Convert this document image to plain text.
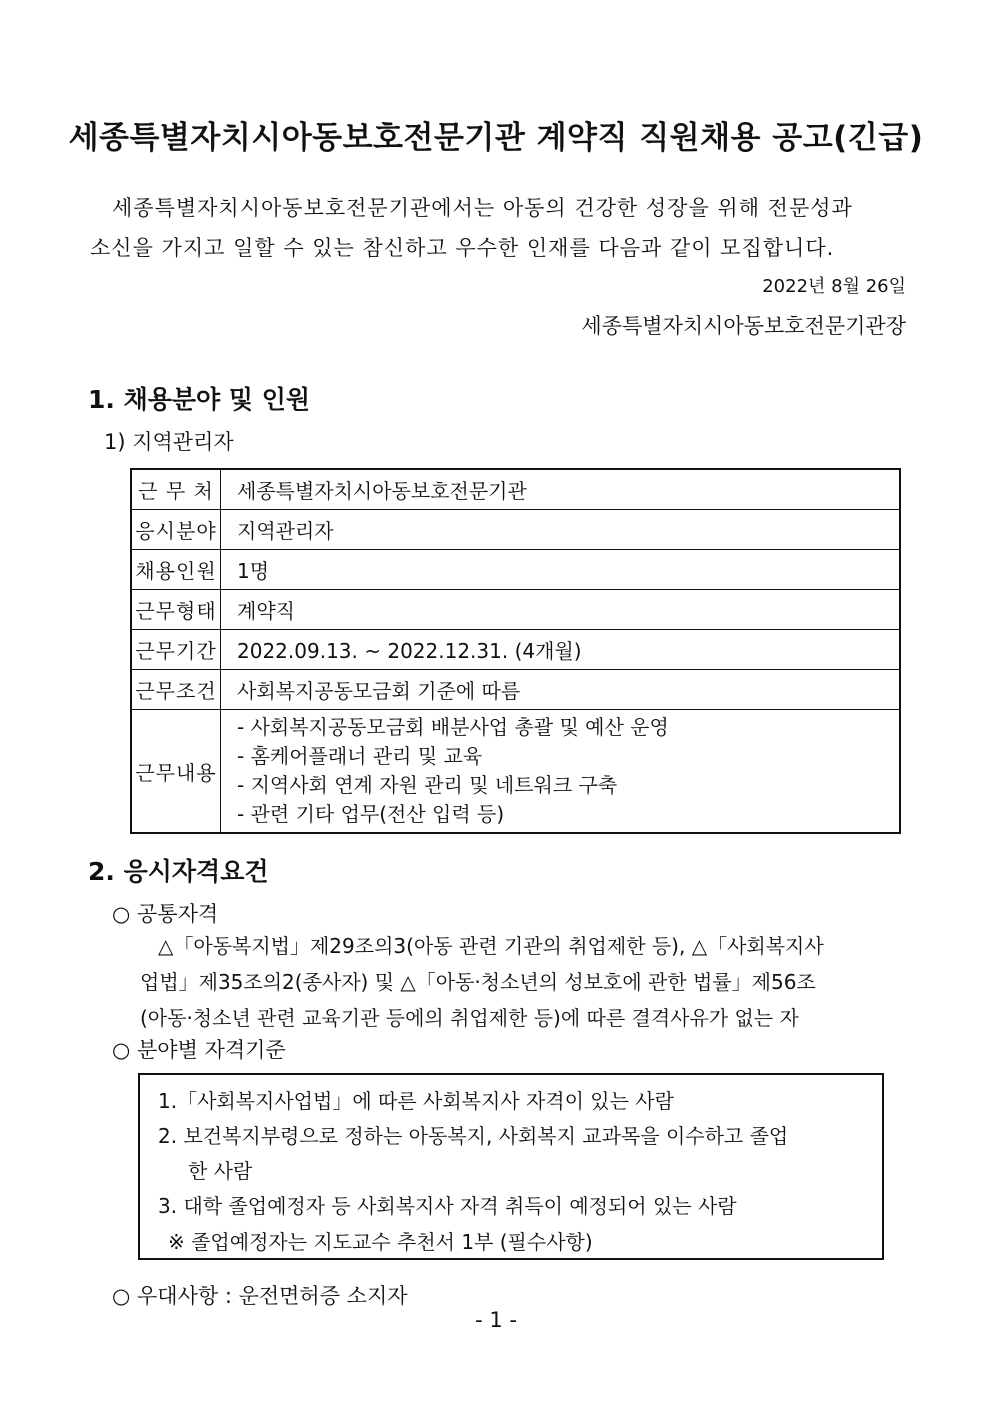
세종특별자치시아동보호전문기관 계약직 직원채용 공고(긴급)
세종특별자치시아동보호전문기관에서는 아동의 건강한 성장을 위해 전문성과
소신을 가지고 일할 수 있는 참신하고 우수한 인재를 다음과 같이 모집합니다.
2022년 8월 26일
세종특별자치시아동보호전문기관장
1. 채용분야 및 인원
1) 지역관리자
근 무 처	세종특별자치시아동보호전문기관
응시분야	지역관리자
채용인원	1명
근무형태	계약직
근무기간	2022.09.13. ~ 2022.12.31. (4개월)
근무조건	사회복지공동모금회 기준에 따름
근무내용	- 사회복지공동모금회 배분사업 총괄 및 예산 운영
- 홈케어플래너 관리 및 교육
- 지역사회 연계 자원 관리 및 네트워크 구축
- 관련 기타 업무(전산 입력 등)
2. 응시자격요건
○ 공통자격
△「아동복지법」제29조의3(아동 관련 기관의 취업제한 등), △「사회복지사
업법」제35조의2(종사자) 및 △「아동·청소년의 성보호에 관한 법률」제56조
(아동·청소년 관련 교육기관 등에의 취업제한 등)에 따른 결격사유가 없는 자
○ 분야별 자격기준
1.「사회복지사업법」에 따른 사회복지사 자격이 있는 사람
2. 보건복지부령으로 정하는 아동복지, 사회복지 교과목을 이수하고 졸업
한 사람
3. 대학 졸업예정자 등 사회복지사 자격 취득이 예정되어 있는 사람
※ 졸업예정자는 지도교수 추천서 1부 (필수사항)
○ 우대사항 : 운전면허증 소지자
- 1 -
